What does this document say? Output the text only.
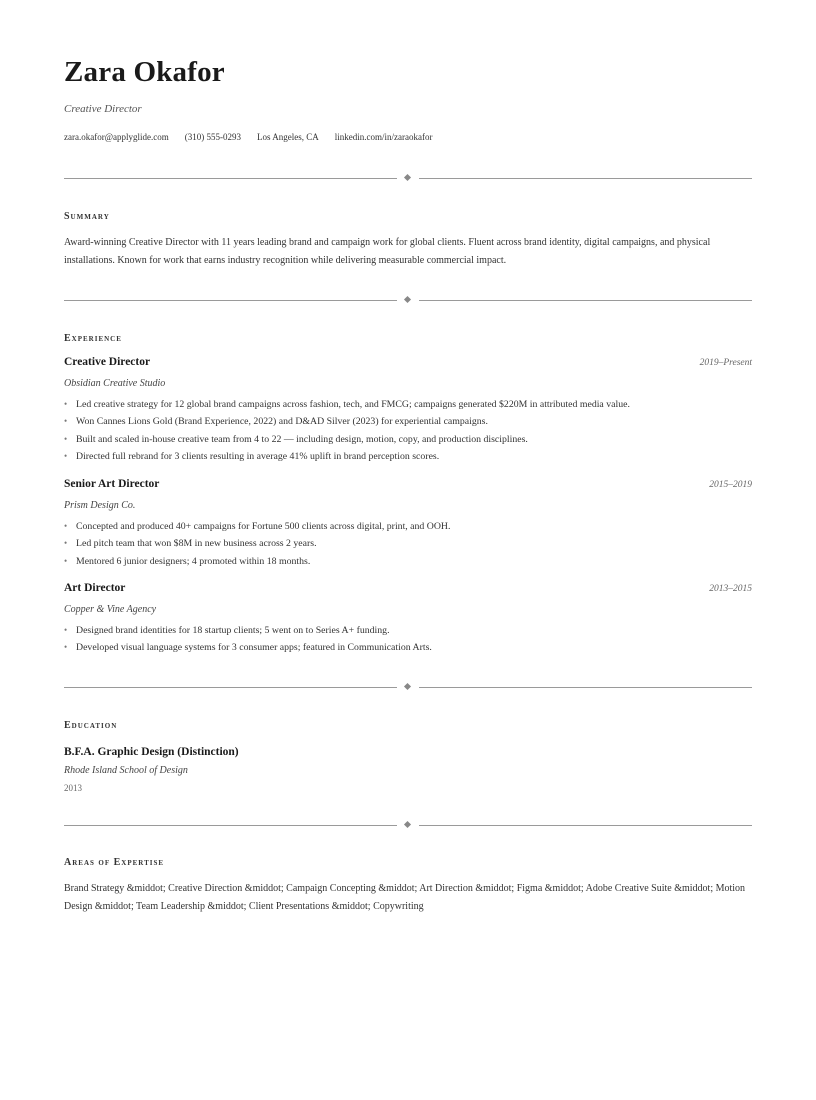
Zara Okafor
Creative Director
zara.okafor@applyglide.com (310) 555-0293 Los Angeles, CA linkedin.com/in/zaraokafor
Summary

Award-winning Creative Director with 11 years leading brand and campaign work for global clients. Fluent across brand identity, digital campaigns, and physical installations. Known for work that earns industry recognition while delivering measurable commercial impact.

Experience
Creative Director	2019–Present
Obsidian Creative Studio
• Led creative strategy for 12 global brand campaigns across fashion, tech, and FMCG; campaigns generated $220M in attributed media value.
• Won Cannes Lions Gold (Brand Experience, 2022) and D&AD Silver (2023) for experiential campaigns.
• Built and scaled in-house creative team from 4 to 22 — including design, motion, copy, and production disciplines.
• Directed full rebrand for 3 clients resulting in average 41% uplift in brand perception scores.
Senior Art Director	2015–2019
Prism Design Co.
• Concepted and produced 40+ campaigns for Fortune 500 clients across digital, print, and OOH.
• Led pitch team that won $8M in new business across 2 years.
• Mentored 6 junior designers; 4 promoted within 18 months.
Art Director	2013–2015
Copper & Vine Agency
• Designed brand identities for 18 startup clients; 5 went on to Series A+ funding.
• Developed visual language systems for 3 consumer apps; featured in Communication Arts.
Education
B.F.A. Graphic Design (Distinction)
Rhode Island School of Design
2013
Areas of Expertise

Brand Strategy &middot; Creative Direction &middot; Campaign Concepting &middot; Art Direction &middot; Figma &middot; Adobe Creative Suite &middot; Motion Design &middot; Team Leadership &middot; Client Presentations &middot; Copywriting
